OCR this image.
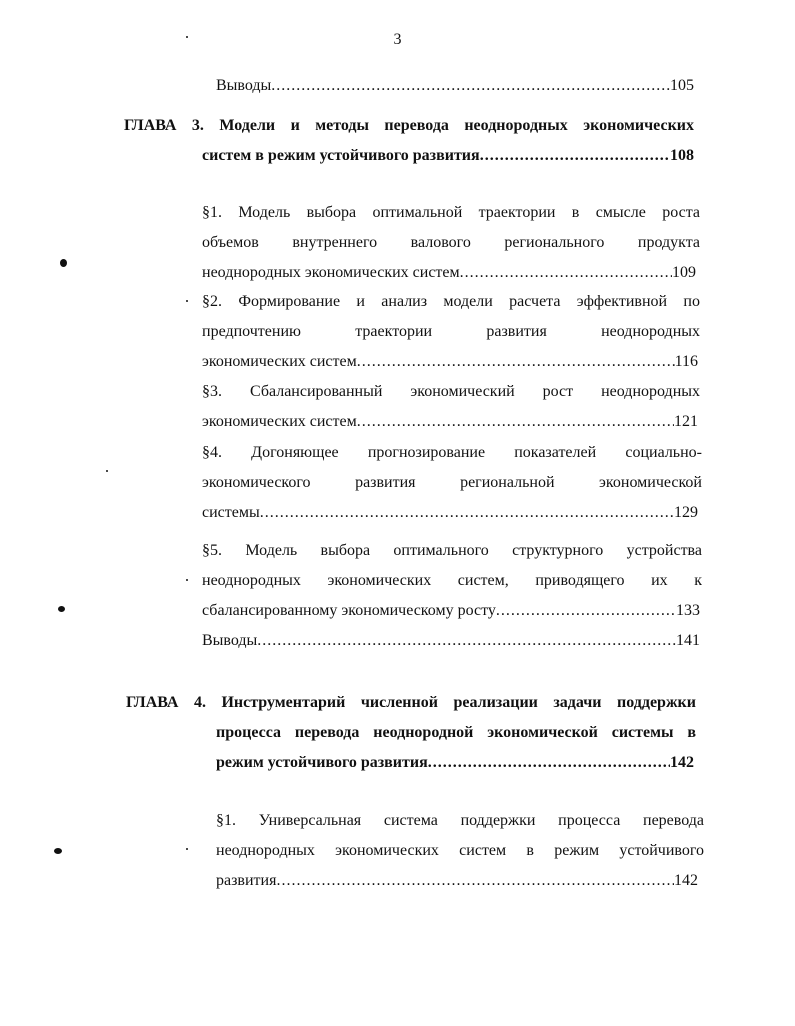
3
Выводы .....	105
ГЛАВА 3. Модели и методы перевода неоднородных экономических
систем в режим устойчивого развития .....	108
§1. Модель выбора оптимальной траектории в смысле роста
объемов внутреннего валового регионального продукта
неоднородных экономических систем .....	109
§2. Формирование и анализ модели расчета эффективной по
предпочтению траектории развития неоднородных
экономических систем .....	116
§3. Сбалансированный экономический рост неоднородных
экономических систем .....	121
§4. Догоняющее прогнозирование показателей социально-
экономического развития региональной экономической
системы .....	129
§5. Модель выбора оптимального структурного устройства
неоднородных экономических систем, приводящего их к
сбалансированному экономическому росту .....	133
Выводы .....	141
ГЛАВА 4. Инструментарий численной реализации задачи поддержки
процесса перевода неоднородной экономической системы в
режим устойчивого развития .....	142
§1. Универсальная система поддержки процесса перевода
неоднородных экономических систем в режим устойчивого
развития .....	142
